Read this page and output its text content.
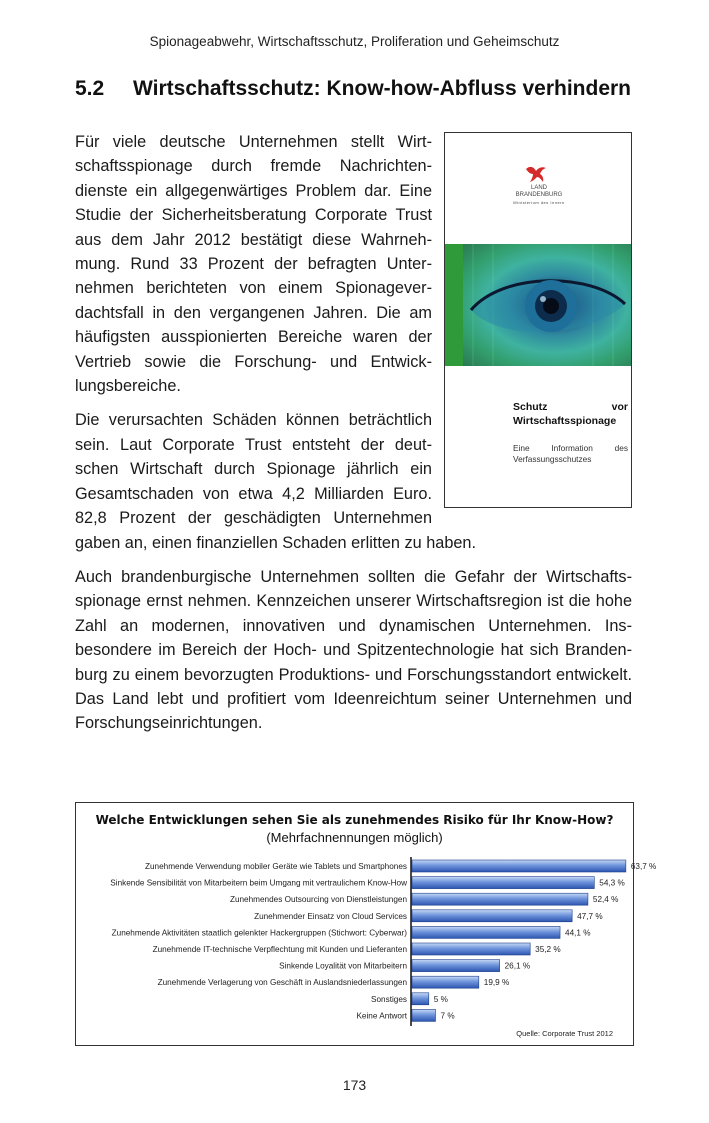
Spionageabwehr, Wirtschaftsschutz, Proliferation und Geheimschutz
5.2 Wirtschaftsschutz: Know-how-Abfluss verhindern
LAND
BRANDENBURG
Ministerium des Innern
Schutz vor Wirtschaftsspionage
Eine Information des Verfassungsschutzes

Für viele deutsche Unternehmen stellt Wirtschaftsspionage durch fremde Nachrichtendienste ein allgegenwärtiges Problem dar. Eine Studie der Sicherheitsberatung Corporate Trust aus dem Jahr 2012 bestätigt diese Wahrnehmung. Rund 33 Prozent der befragten Unternehmen berichteten von einem Spionageverdachtsfall in den vergangenen Jahren. Die am häufigsten ausspionierten Bereiche waren der Vertrieb sowie die Forschung- und Entwicklungsbereiche.

Die verursachten Schäden können beträchtlich sein. Laut Corporate Trust entsteht der deutschen Wirtschaft durch Spionage jährlich ein Gesamtschaden von etwa 4,2 Milliarden Euro. 82,8 Prozent der geschädigten Unternehmen gaben an, einen finanziellen Schaden erlitten zu haben.

Auch brandenburgische Unternehmen sollten die Gefahr der Wirtschaftsspionage ernst nehmen. Kennzeichen unserer Wirtschaftsregion ist die hohe Zahl an modernen, innovativen und dynamischen Unternehmen. Insbesondere im Bereich der Hoch- und Spitzentechnologie hat sich Brandenburg zu einem bevorzugten Produktions- und Forschungsstandort entwickelt. Das Land lebt und profitiert vom Ideenreichtum seiner Unternehmen und Forschungseinrichtungen.

Welche Entwicklungen sehen Sie als zunehmendes Risiko für Ihr Know-How?
(Mehrfachnennungen möglich)
Zunehmende Verwendung mobiler Geräte wie Tablets und Smartphones	63,7 %
Sinkende Sensibilität von Mitarbeitern beim Umgang mit vertraulichem Know-How	54,3 %
Zunehmendes Outsourcing von Dienstleistungen	52,4 %
Zunehmender Einsatz von Cloud Services	47,7 %
Zunehmende Aktivitäten staatlich gelenkter Hackergruppen (Stichwort: Cyberwar)	44,1 %
Zunehmende IT-technische Verpflechtung mit Kunden und Lieferanten	35,2 %
Sinkende Loyalität von Mitarbeitern	26,1 %
Zunehmende Verlagerung von Geschäft in Auslandsniederlassungen	19,9 %
Sonstiges	5 %
Keine Antwort	7 %
Quelle: Corporate Trust 2012
173
